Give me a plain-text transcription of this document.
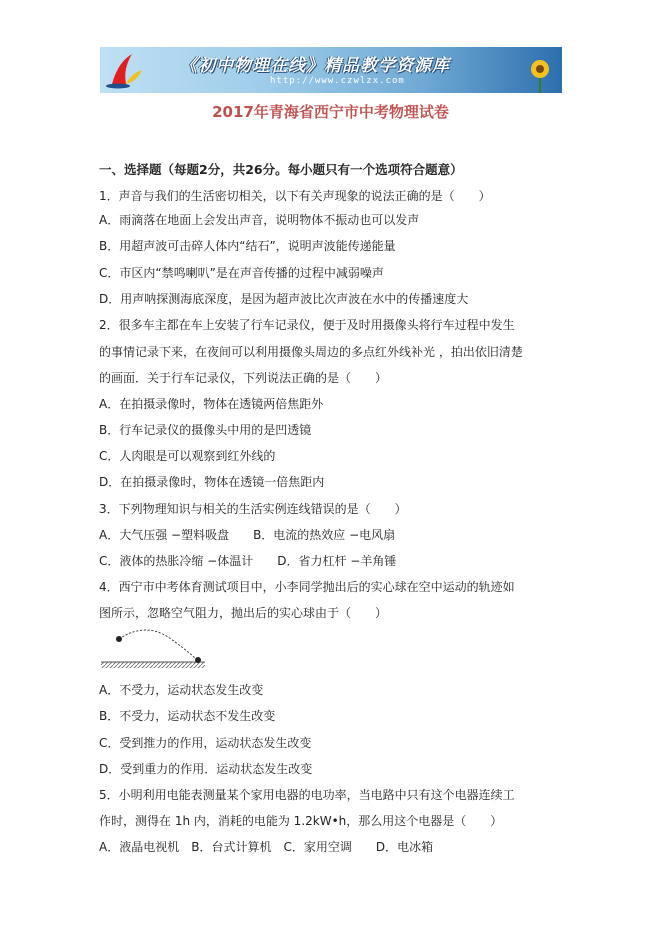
《初中物理在线》精品教学资源库
http://www.czwlzx.com
2017年青海省西宁市中考物理试卷
一、选择题（每题2分，共26分。每小题只有一个选项符合题意）
1．声音与我们的生活密切相关，以下有关声现象的说法正确的是（　　）
A．雨滴落在地面上会发出声音，说明物体不振动也可以发声
B．用超声波可击碎人体内“结石”，说明声波能传递能量
C．市区内“禁鸣喇叭”是在声音传播的过程中减弱噪声
D．用声呐探测海底深度，是因为超声波比次声波在水中的传播速度大
2．很多车主都在车上安装了行车记录仪，便于及时用摄像头将行车过程中发生
的事情记录下来，在夜间可以利用摄像头周边的多点红外线补光 ，拍出依旧清楚
的画面．关于行车记录仪，下列说法正确的是（　　）
A．在拍摄录像时，物体在透镜两倍焦距外
B．行车记录仪的摄像头中用的是凹透镜
C．人肉眼是可以观察到红外线的
D．在拍摄录像时，物体在透镜一倍焦距内
3．下列物理知识与相关的生活实例连线错误的是（　　）
A．大气压强 −塑料吸盘　　B．电流的热效应 −电风扇
C．液体的热胀冷缩 −体温计　　D．省力杠杆 −羊角锤
4．西宁市中考体育测试项目中，小李同学抛出后的实心球在空中运动的轨迹如
图所示，忽略空气阻力，抛出后的实心球由于（　　）
A．不受力，运动状态发生改变
B．不受力，运动状态不发生改变
C．受到推力的作用，运动状态发生改变
D．受到重力的作用．运动状态发生改变
5．小明利用电能表测量某个家用电器的电功率，当电路中只有这个电器连续工
作时，测得在 1h 内，消耗的电能为 1.2kW•h，那么用这个电器是（　　）
A．液晶电视机　B．台式计算机　C．家用空调　　D．电冰箱
